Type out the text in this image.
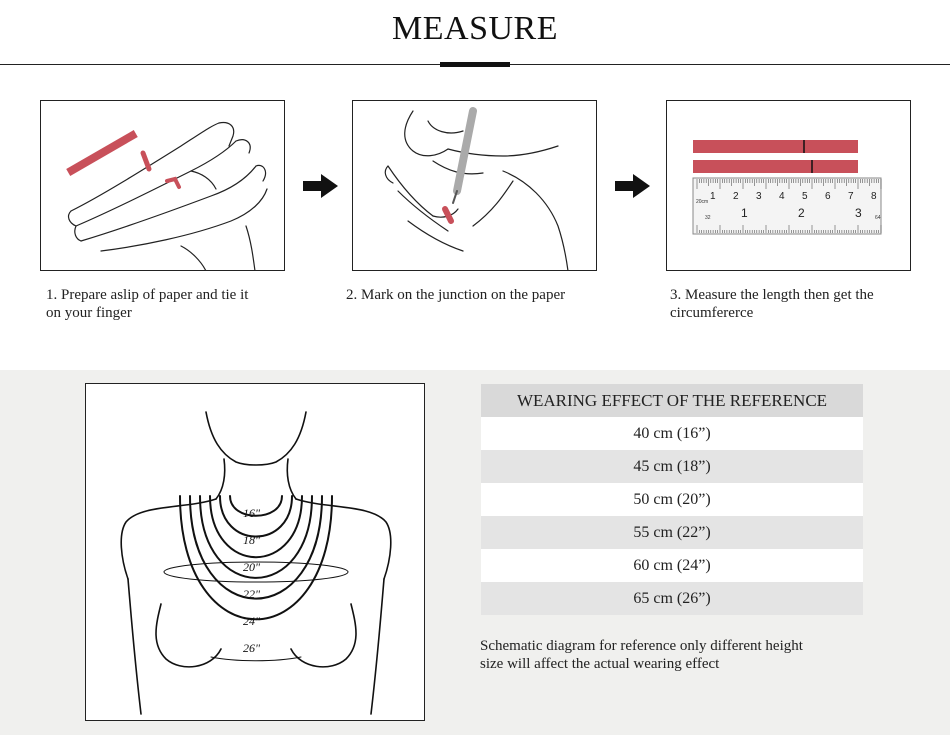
MEASURE
20cm
32	64
1 2 3 4 5 6 7 8
1	2	3
1. Prepare aslip of paper and tie it
on your finger
2. Mark on the junction on the paper	3. Measure the length then get the
circumfererce
16"
18"
20"
22"
24"
26"
WEARING EFFECT OF THE REFERENCE
40 cm (16”)
45 cm (18”)
50 cm (20”)
55 cm (22”)
60 cm (24”)
65 cm (26”)
Schematic diagram for reference only different height
size will affect the actual wearing effect
